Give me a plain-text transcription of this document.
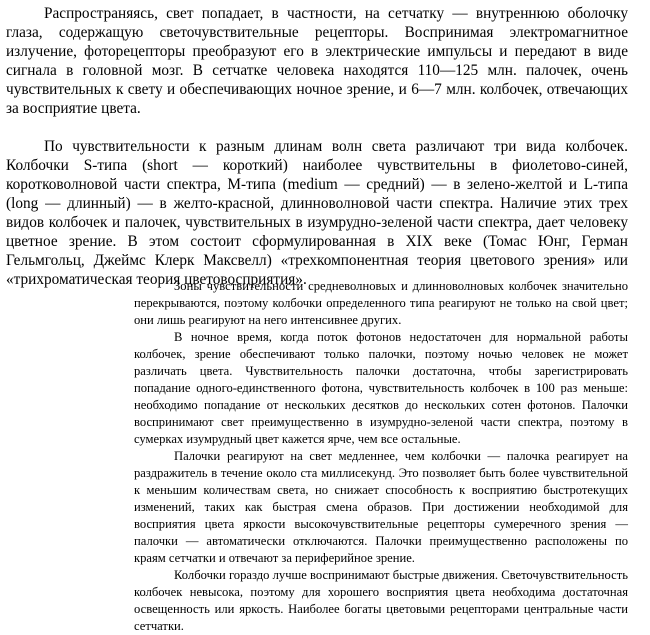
Распространяясь, свет попадает, в частности, на сетчатку — внутреннюю оболочку глаза, содержащую светочувствительные рецепторы. Воспринимая электромагнитное излучение, фоторецепторы преобразуют его в электрические импульсы и передают в виде сигнала в головной мозг. В сетчатке человека находятся 110—125 млн. палочек, очень чувствительных к свету и обеспечивающих ночное зрение, и 6—7 млн. колбочек, отвечающих за восприятие цвета.

По чувствительности к разным длинам волн света различают три вида колбочек. Колбочки S-типа (short — короткий) наиболее чувствительны в фиолетово-синей, коротковолновой части спектра, M-типа (medium — средний) — в зелено-желтой и L-типа (long — длинный) — в желто-красной, длинноволновой части спектра. Наличие этих трех видов колбочек и палочек, чувствительных в изумрудно-зеленой части спектра, дает человеку цветное зрение. В этом состоит сформулированная в XIX веке (Томас Юнг, Герман Гельмгольц, Джеймс Клерк Максвелл) «трехкомпонентная теория цветового зрения» или «трихроматическая теория цветовосприятия».

Зоны чувствительности средневолновых и длинноволновых колбочек значительно перекрываются, поэтому колбочки определенного типа реагируют не только на свой цвет; они лишь реагируют на него интенсивнее других.

В ночное время, когда поток фотонов недостаточен для нормальной работы колбочек, зрение обеспечивают только палочки, поэтому ночью человек не может различать цвета. Чувствительность палочки достаточна, чтобы зарегистрировать попадание одного-единственного фотона, чувствительность колбочек в 100 раз меньше: необходимо попадание от нескольких десятков до нескольких сотен фотонов. Палочки воспринимают свет преимущественно в изумрудно-зеленой части спектра, поэтому в сумерках изумрудный цвет кажется ярче, чем все остальные.

Палочки реагируют на свет медленнее, чем колбочки — палочка реагирует на раздражитель в течение около ста миллисекунд. Это позволяет быть более чувствительной к меньшим количествам света, но снижает способность к восприятию быстротекущих изменений, таких как быстрая смена образов. При достижении необходимой для восприятия цвета яркости высокочувствительные рецепторы сумеречного зрения — палочки — автоматически отключаются. Палочки преимущественно расположены по краям сетчатки и отвечают за периферийное зрение.

Колбочки гораздо лучше воспринимают быстрые движения. Светочувствительность колбочек невысока, поэтому для хорошего восприятия цвета необходима достаточная освещенность или яркость. Наиболее богаты цветовыми рецепторами центральные части сетчатки.
